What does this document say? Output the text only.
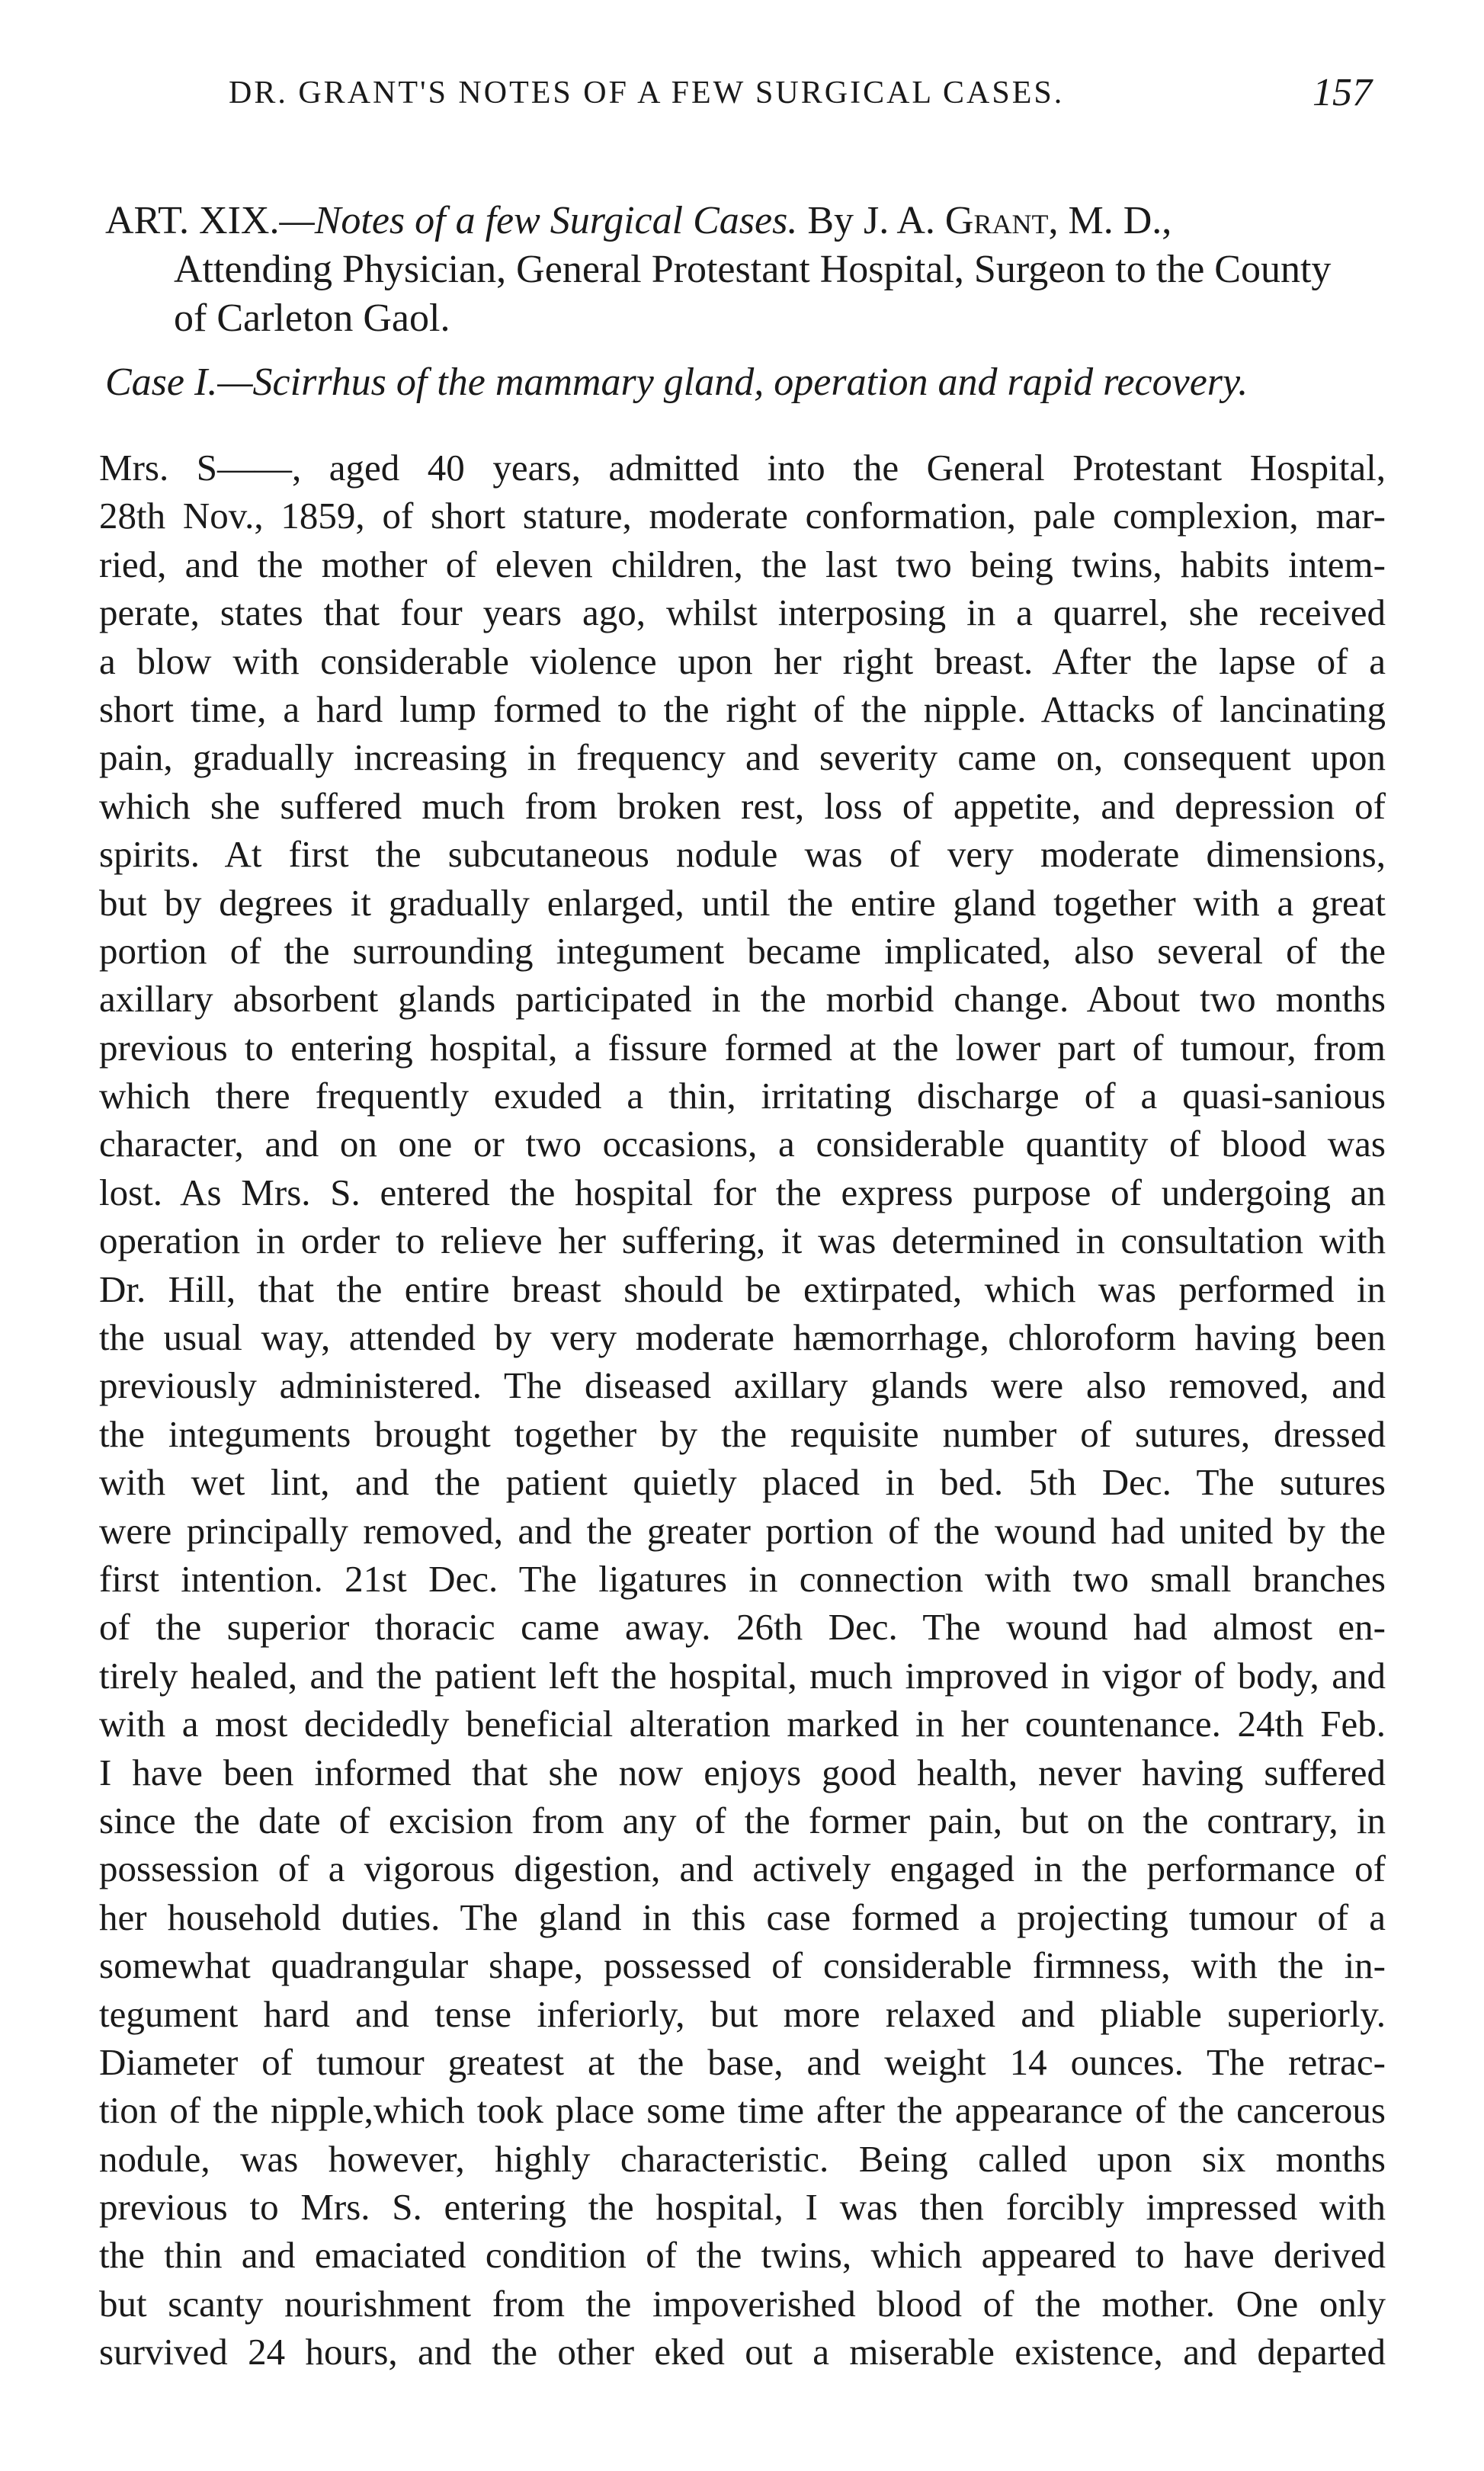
DR. GRANT'S NOTES OF A FEW SURGICAL CASES.	157
ART. XIX.—Notes of a few Surgical Cases. By J. A. Grant, M. D.,
Attending Physician, General Protestant Hospital, Surgeon to the County
of Carleton Gaol.
Case I.—Scirrhus of the mammary gland, operation and rapid recovery.
Mrs. S——, aged 40 years, admitted into the General Protestant Hospital,
28th Nov., 1859, of short stature, moderate conformation, pale complexion, mar-
ried, and the mother of eleven children, the last two being twins, habits intem-
perate, states that four years ago, whilst interposing in a quarrel, she received
a blow with considerable violence upon her right breast. After the lapse of a
short time, a hard lump formed to the right of the nipple. Attacks of lancinating
pain, gradually increasing in frequency and severity came on, consequent upon
which she suffered much from broken rest, loss of appetite, and depression of
spirits. At first the subcutaneous nodule was of very moderate dimensions,
but by degrees it gradually enlarged, until the entire gland together with a great
portion of the surrounding integument became implicated, also several of the
axillary absorbent glands participated in the morbid change. About two months
previous to entering hospital, a fissure formed at the lower part of tumour, from
which there frequently exuded a thin, irritating discharge of a quasi-sanious
character, and on one or two occasions, a considerable quantity of blood was
lost. As Mrs. S. entered the hospital for the express purpose of undergoing an
operation in order to relieve her suffering, it was determined in consultation with
Dr. Hill, that the entire breast should be extirpated, which was performed in
the usual way, attended by very moderate hæmorrhage, chloroform having been
previously administered. The diseased axillary glands were also removed, and
the integuments brought together by the requisite number of sutures, dressed
with wet lint, and the patient quietly placed in bed. 5th Dec. The sutures
were principally removed, and the greater portion of the wound had united by the
first intention. 21st Dec. The ligatures in connection with two small branches
of the superior thoracic came away. 26th Dec. The wound had almost en-
tirely healed, and the patient left the hospital, much improved in vigor of body, and
with a most decidedly beneficial alteration marked in her countenance. 24th Feb.
I have been informed that she now enjoys good health, never having suffered
since the date of excision from any of the former pain, but on the contrary, in
possession of a vigorous digestion, and actively engaged in the performance of
her household duties. The gland in this case formed a projecting tumour of a
somewhat quadrangular shape, possessed of considerable firmness, with the in-
tegument hard and tense inferiorly, but more relaxed and pliable superiorly.
Diameter of tumour greatest at the base, and weight 14 ounces. The retrac-
tion of the nipple,which took place some time after the appearance of the cancerous
nodule, was however, highly characteristic. Being called upon six months
previous to Mrs. S. entering the hospital, I was then forcibly impressed with
the thin and emaciated condition of the twins, which appeared to have derived
but scanty nourishment from the impoverished blood of the mother. One only
survived 24 hours, and the other eked out a miserable existence, and departed
